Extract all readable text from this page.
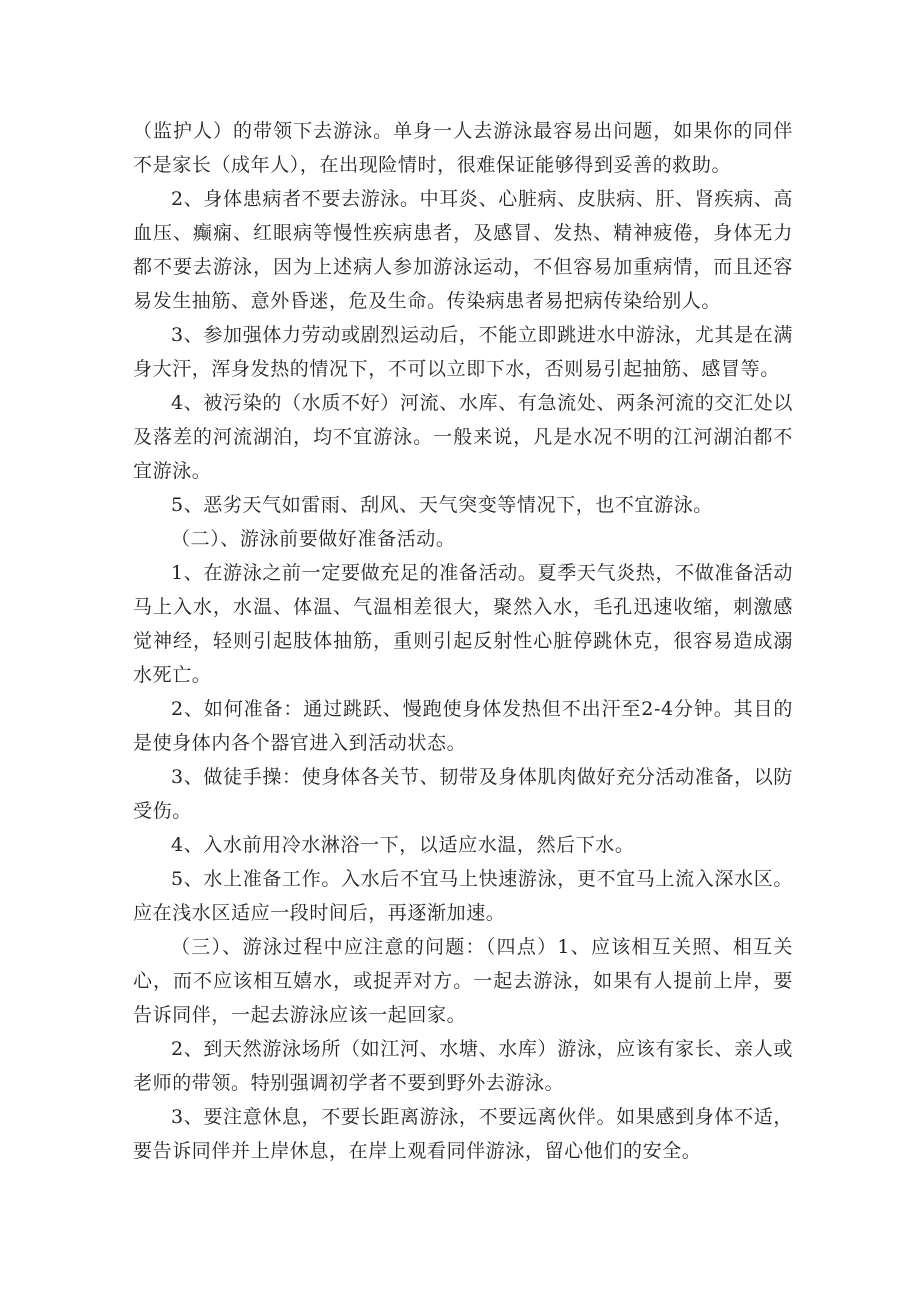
（监护人）的带领下去游泳。单身一人去游泳最容易出问题，如果你的同伴不是家长（成年人），在出现险情时，很难保证能够得到妥善的救助。

2、身体患病者不要去游泳。中耳炎、心脏病、皮肤病、肝、肾疾病、高血压、癫痫、红眼病等慢性疾病患者，及感冒、发热、精神疲倦，身体无力都不要去游泳，因为上述病人参加游泳运动，不但容易加重病情，而且还容易发生抽筋、意外昏迷，危及生命。传染病患者易把病传染给别人。

3、参加强体力劳动或剧烈运动后，不能立即跳进水中游泳，尤其是在满身大汗，浑身发热的情况下，不可以立即下水，否则易引起抽筋、感冒等。

4、被污染的（水质不好）河流、水库、有急流处、两条河流的交汇处以及落差的河流湖泊，均不宜游泳。一般来说，凡是水况不明的江河湖泊都不宜游泳。

5、恶劣天气如雷雨、刮风、天气突变等情况下，也不宜游泳。

（二）、游泳前要做好准备活动。

1、在游泳之前一定要做充足的准备活动。夏季天气炎热，不做准备活动马上入水，水温、体温、气温相差很大，聚然入水，毛孔迅速收缩，刺激感觉神经，轻则引起肢体抽筋，重则引起反射性心脏停跳休克，很容易造成溺水死亡。

2、如何准备：通过跳跃、慢跑使身体发热但不出汗至2-4分钟。其目的是使身体内各个器官进入到活动状态。

3、做徒手操：使身体各关节、韧带及身体肌肉做好充分活动准备，以防受伤。

4、入水前用冷水淋浴一下，以适应水温，然后下水。

5、水上准备工作。入水后不宜马上快速游泳，更不宜马上流入深水区。应在浅水区适应一段时间后，再逐渐加速。

（三）、游泳过程中应注意的问题：（四点）1、应该相互关照、相互关心，而不应该相互嬉水，或捉弄对方。一起去游泳，如果有人提前上岸，要告诉同伴，一起去游泳应该一起回家。

2、到天然游泳场所（如江河、水塘、水库）游泳，应该有家长、亲人或老师的带领。特别强调初学者不要到野外去游泳。

3、要注意休息，不要长距离游泳，不要远离伙伴。如果感到身体不适，要告诉同伴并上岸休息，在岸上观看同伴游泳，留心他们的安全。
